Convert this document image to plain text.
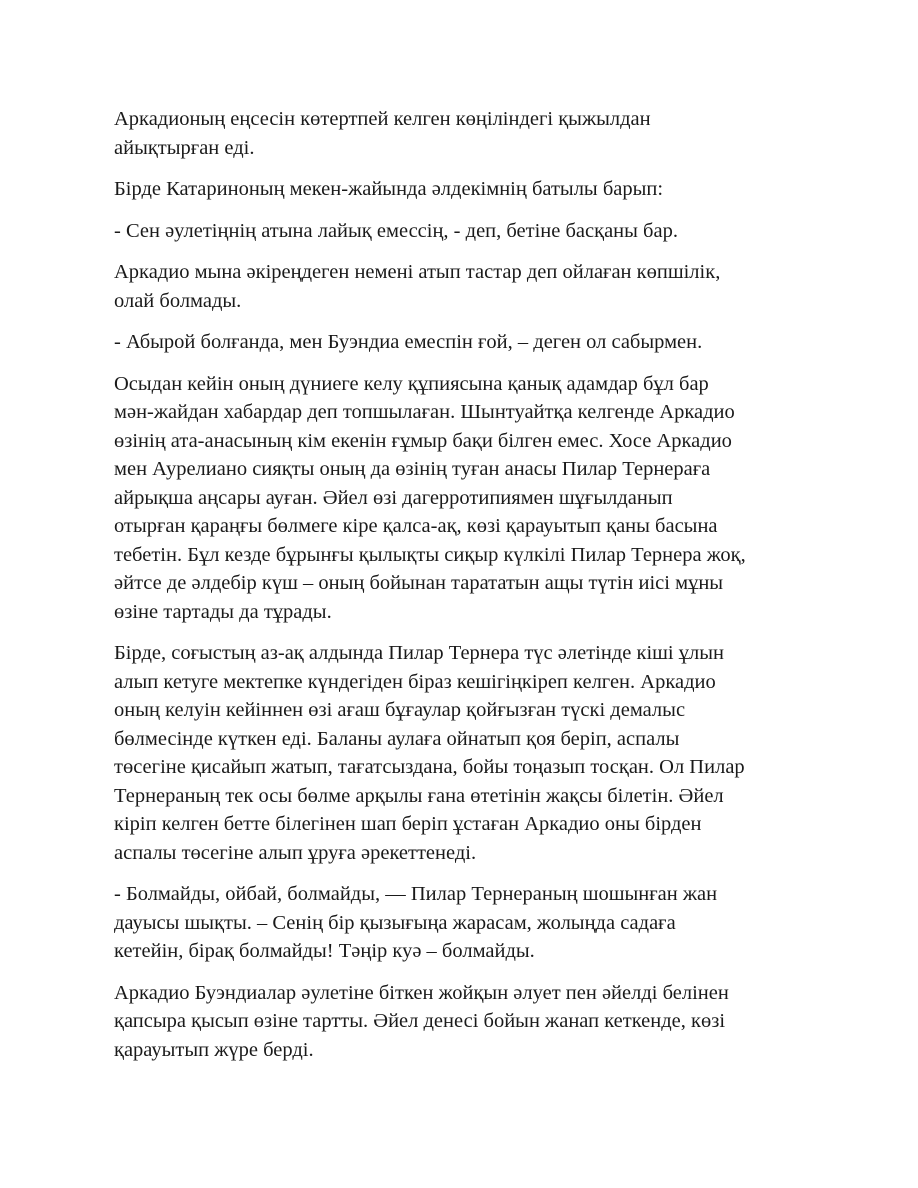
Аркадионың еңсесін көтертпей келген көңіліндегі қыжылдан
айықтырған еді.

Бірде Катариноның мекен-жайында әлдекімнің батылы барып:

- Сен әулетіңнің атына лайық емессің, - деп, бетіне басқаны бар.

Аркадио мына әкіреңдеген немені атып тастар деп ойлаған көпшілік,
олай болмады.

- Абырой болғанда, мен Буэндиа емеспін ғой, – деген ол сабырмен.

Осыдан кейін оның дүниеге келу құпиясына қанық адамдар бұл бар
мән-жайдан хабардар деп топшылаған. Шынтуайтқа келгенде Аркадио
өзінің ата-анасының кім екенін ғұмыр бақи білген емес. Хосе Аркадио
мен Аурелиано сияқты оның да өзінің туған анасы Пилар Тернераға
айрықша аңсары ауған. Әйел өзі дагерротипиямен шұғылданып
отырған қараңғы бөлмеге кіре қалса-ақ, көзі қарауытып қаны басына
тебетін. Бұл кезде бұрынғы қылықты сиқыр күлкілі Пилар Тернера жоқ,
әйтсе де әлдебір күш – оның бойынан тарататын ащы түтін иісі мұны
өзіне тартады да тұрады.

Бірде, соғыстың аз-ақ алдында Пилар Тернера түс әлетінде кіші ұлын
алып кетуге мектепке күндегіден біраз кешігіңкіреп келген. Аркадио
оның келуін кейіннен өзі ағаш бұғаулар қойғызған түскі демалыс
бөлмесінде күткен еді. Баланы аулаға ойнатып қоя беріп, аспалы
төсегіне қисайып жатып, тағатсыздана, бойы тоңазып тосқан. Ол Пилар
Тернераның тек осы бөлме арқылы ғана өтетінін жақсы білетін. Әйел
кіріп келген бетте білегінен шап беріп ұстаған Аркадио оны бірден
аспалы төсегіне алып ұруға әрекеттенеді.

- Болмайды, ойбай, болмайды, — Пилар Тернераның шошынған жан
дауысы шықты. – Сенің бір қызығыңа жарасам, жолыңда садаға
кетейін, бірақ болмайды! Тәңір куә – болмайды.

Аркадио Буэндиалар әулетіне біткен жойқын әлует пен әйелді белінен
қапсыра қысып өзіне тартты. Әйел денесі бойын жанап кеткенде, көзі
қарауытып жүре берді.
